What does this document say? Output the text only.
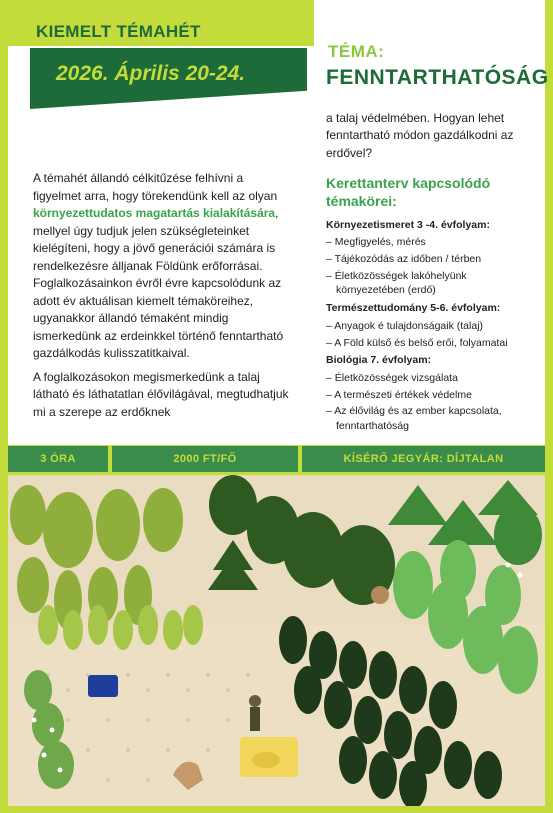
KIEMELT TÉMAHÉT
2026. Április 20-24.
TÉMA:
FENNTARTHATÓSÁG

A témahét állandó célkitűzése felhívni a figyelmet arra, hogy törekendünk kell az olyan környezettudatos magatartás kialakítására, mellyel úgy tudjuk jelen szükségleteinket kielégíteni, hogy a jövő generációi számára is rendelkezésre álljanak Földünk erőforrásai. Foglalkozásainkon évről évre kapcsolódunk az adott év aktuálisan kiemelt témaköreihez, ugyanakkor állandó témaként mindig ismerkedünk az erdeinkkel történő fenntartható gazdálkodás kulisszatitkaival.

A foglalkozásokon megismerkedünk a talaj látható és láthatatlan élővilágával, megtudhatjuk mi a szerepe az erdőknek

a talaj védelmében. Hogyan lehet fenntartható módon gazdálkodni az erdővel?

Kerettanterv kapcsolódó témakörei:
Környezetismeret 3 -4. évfolyam:
– Megfigyelés, mérés
– Tájékozódás az időben / térben
– Életközösségek lakóhelyünk környezetében (erdő)
Természettudomány 5-6. évfolyam:
– Anyagok é tulajdonságaik (talaj)
– A Föld külső és belső erői, folyamatai
Biológia 7. évfolyam:
– Életközösségek vizsgálata
– A természeti értékek védelme
– Az élővilág és az ember kapcsolata, fenntarthatóság
3 ÓRA	2000 FT/FŐ	KÍSÉRŐ JEGYÁR: DÍJTALAN
